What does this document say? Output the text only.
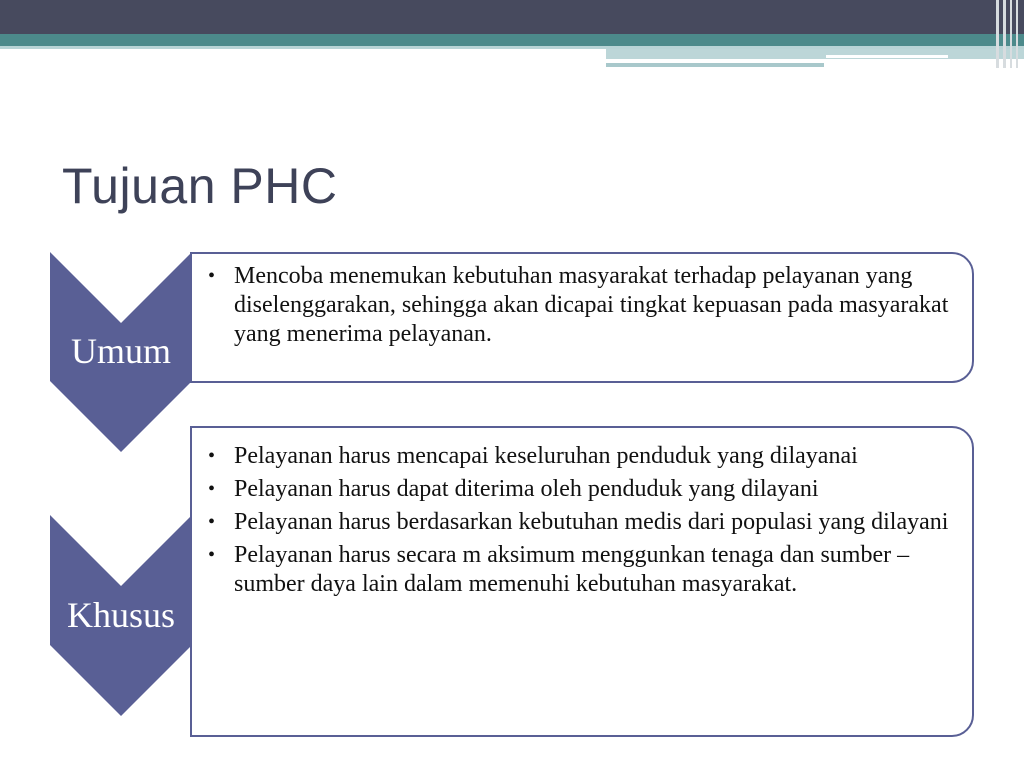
Tujuan PHC
• Mencoba menemukan kebutuhan masyarakat terhadap pelayanan yang diselenggarakan, sehingga akan dicapai tingkat kepuasan pada masyarakat yang menerima pelayanan.
• Pelayanan harus mencapai keseluruhan penduduk yang dilayanai
• Pelayanan harus dapat diterima oleh penduduk yang dilayani
• Pelayanan harus berdasarkan kebutuhan medis dari populasi yang dilayani
• Pelayanan harus secara m aksimum menggunkan tenaga dan sumber – sumber daya lain dalam memenuhi kebutuhan masyarakat.
Umum
Khusus
